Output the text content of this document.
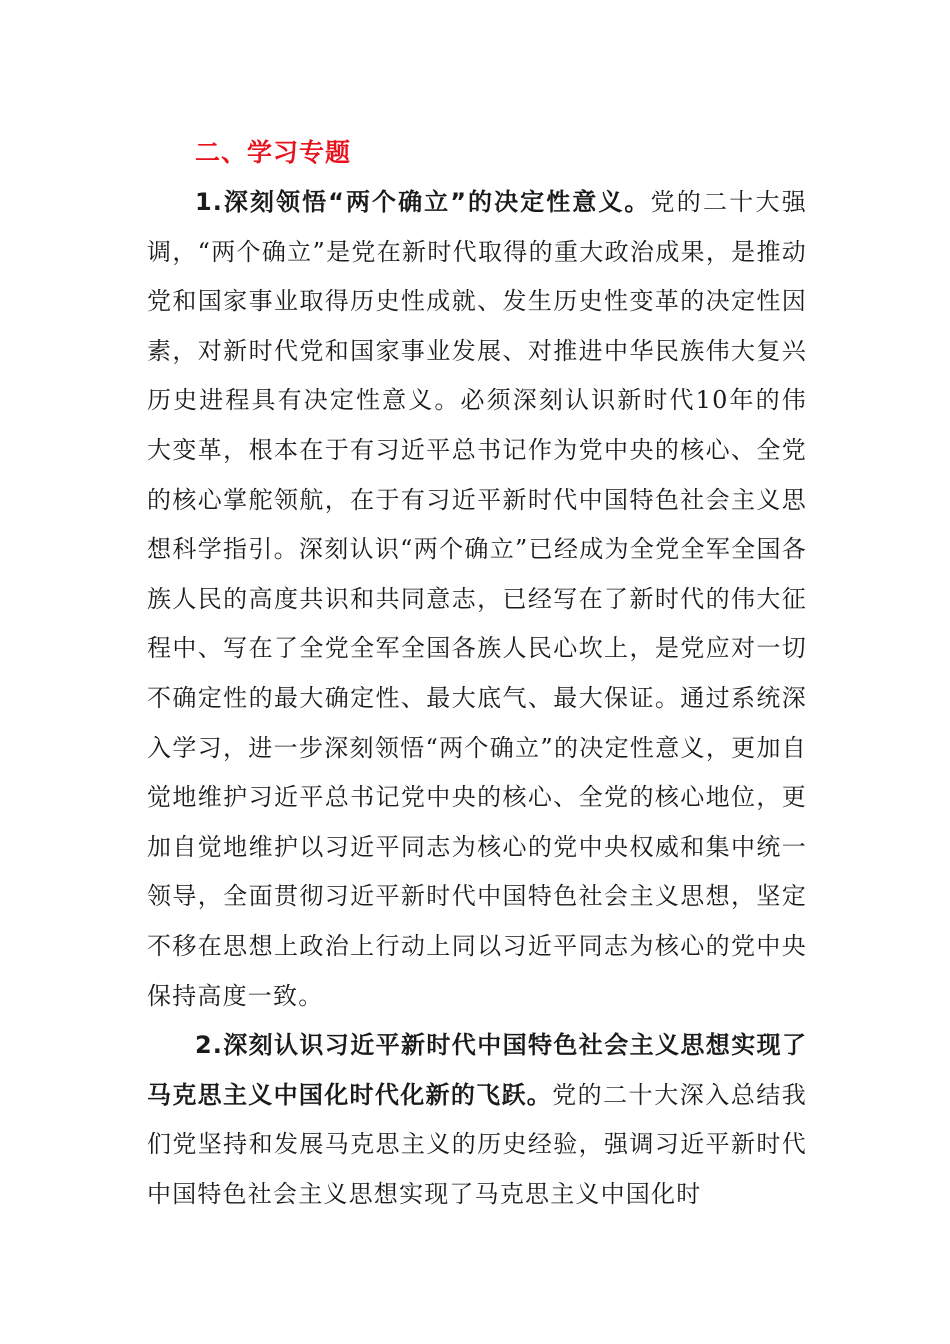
二、学习专题

1.深刻领悟“两个确立”的决定性意义。党的二十大强调，“两个确立”是党在新时代取得的重大政治成果，是推动党和国家事业取得历史性成就、发生历史性变革的决定性因素，对新时代党和国家事业发展、对推进中华民族伟大复兴历史进程具有决定性意义。必须深刻认识新时代10年的伟大变革，根本在于有习近平总书记作为党中央的核心、全党的核心掌舵领航，在于有习近平新时代中国特色社会主义思想科学指引。深刻认识“两个确立”已经成为全党全军全国各族人民的高度共识和共同意志，已经写在了新时代的伟大征程中、写在了全党全军全国各族人民心坎上，是党应对一切不确定性的最大确定性、最大底气、最大保证。通过系统深入学习，进一步深刻领悟“两个确立”的决定性意义，更加自觉地维护习近平总书记党中央的核心、全党的核心地位，更加自觉地维护以习近平同志为核心的党中央权威和集中统一领导，全面贯彻习近平新时代中国特色社会主义思想，坚定不移在思想上政治上行动上同以习近平同志为核心的党中央保持高度一致。

2.深刻认识习近平新时代中国特色社会主义思想实现了马克思主义中国化时代化新的飞跃。党的二十大深入总结我们党坚持和发展马克思主义的历史经验，强调习近平新时代中国特色社会主义思想实现了马克思主义中国化时
